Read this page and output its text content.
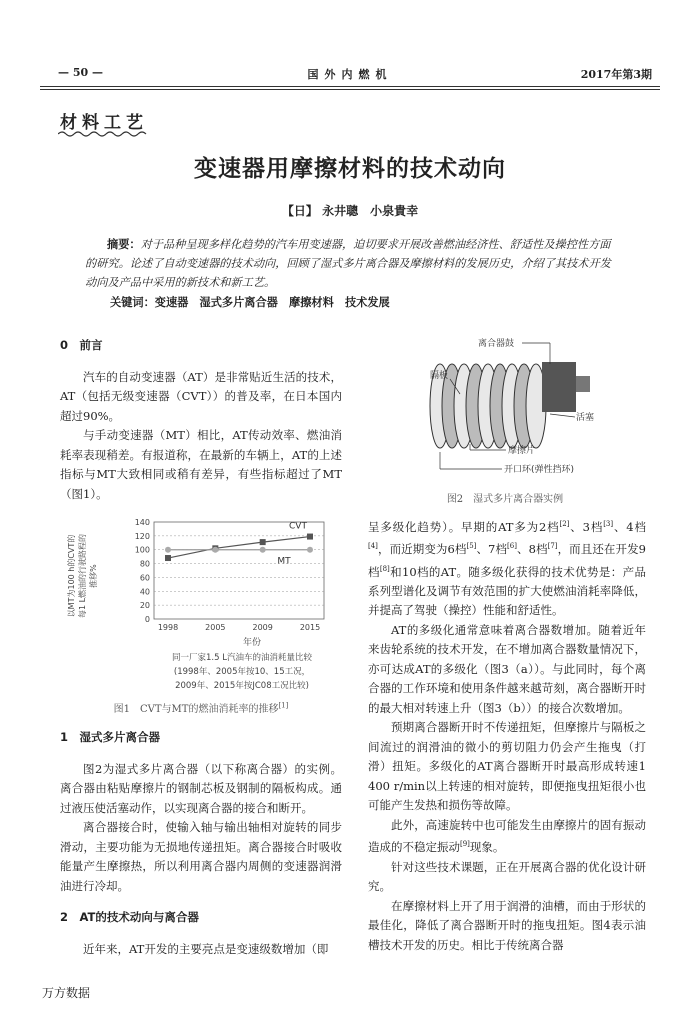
— 50 —	国外内燃机	2017年第3期
材料工艺
变速器用摩擦材料的技术动向
【日】 永井聰　小泉貴幸
摘要：对于品种呈现多样化趋势的汽车用变速器，迫切要求开展改善燃油经济性、舒适性及操控性方面的研究。论述了自动变速器的技术动向，回顾了湿式多片离合器及摩擦材料的发展历史，介绍了其技术开发动向及产品中采用的新技术和新工艺。
关键词：变速器　湿式多片离合器　摩擦材料　技术发展
0　前言

汽车的自动变速器（AT）是非常贴近生活的技术，AT（包括无级变速器（CVT））的普及率，在日本国内超过90%。

与手动变速器（MT）相比，AT传动效率、燃油消耗率表现稍差。有报道称，在最新的车辆上，AT的上述指标与MT大致相同或稍有差异，有些指标超过了MT（图1）。

0
20
40
60
80
100
120
140
1998	2005	2009	2015
CVT
MT
以MT为100 h的CVT的 每1 L燃油的行驶路程的 推移%
年份
同一厂家1.5 L汽油车的油消耗量比较
(1998年、2005年按10、15工况，
2009年、2015年按JC08工况比较)
图1　CVT与MT的燃油消耗率的推移[1]
1　湿式多片离合器

图2为湿式多片离合器（以下称离合器）的实例。离合器由粘贴摩擦片的钢制芯板及钢制的隔板构成。通过液压使活塞动作，以实现离合器的接合和断开。

离合器接合时，使输入轴与输出轴相对旋转的同步滑动，主要功能为无损地传递扭矩。离合器接合时吸收能量产生摩擦热，所以利用离合器内周侧的变速器润滑油进行冷却。

2　AT的技术动向与离合器

近年来，AT开发的主要亮点是变速级数增加（即

离合器鼓
隔板
活塞
摩擦片
开口环(弹性挡环)
图2　湿式多片离合器实例

呈多级化趋势）。早期的AT多为2档[2]、3档[3]、4档[4]，而近期变为6档[5]、7档[6]、8档[7]，而且还在开发9档[8]和10档的AT。随多级化获得的技术优势是：产品系列型谱化及调节有效范围的扩大使燃油消耗率降低，并提高了驾驶（操控）性能和舒适性。

AT的多级化通常意味着离合器数增加。随着近年来齿轮系统的技术开发，在不增加离合器数量情况下，亦可达成AT的多级化（图3（a））。与此同时，每个离合器的工作环境和使用条件越来越苛刻，离合器断开时的最大相对转速上升（图3（b））的接合次数增加。

预期离合器断开时不传递扭矩，但摩擦片与隔板之间流过的润滑油的微小的剪切阻力仍会产生拖曳（打滑）扭矩。多级化的AT离合器断开时最高形成转速1 400 r/min以上转速的相对旋转，即便拖曳扭矩很小也可能产生发热和损伤等故障。

此外，高速旋转中也可能发生由摩擦片的固有振动造成的不稳定振动[9]现象。

针对这些技术课题，正在开展离合器的优化设计研究。

在摩擦材料上开了用于润滑的油槽，而由于形状的最佳化，降低了离合器断开时的拖曳扭矩。图4表示油槽技术开发的历史。相比于传统离合器

万方数据
